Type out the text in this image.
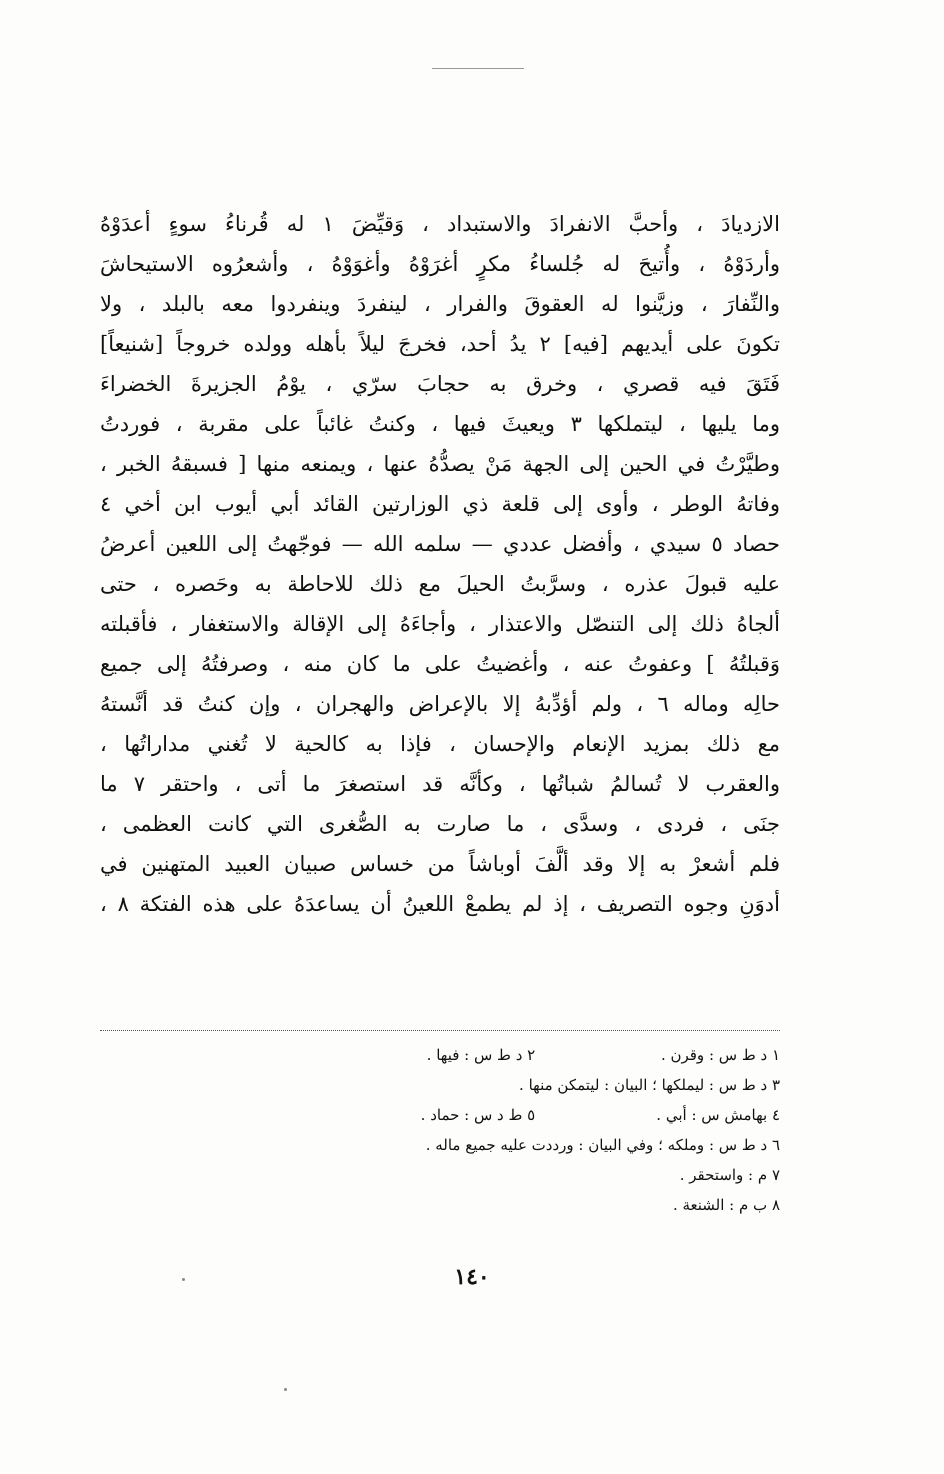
الازديادَ ، وأحبَّ الانفرادَ والاستبداد ، وَقيِّضَ ١ له قُرناءُ سوءٍ أعدَوْهُ
وأردَوْهُ ، وأُتيحَ له جُلساءُ مكرٍ أغرَوْهُ وأغوَوْهُ ، وأشعرُوه الاستيحاشَ
والنِّفارَ ، وزيَّنوا له العقوقَ والفرار ، لينفردَ وينفردوا معه بالبلد ، ولا
تكونَ على أيديهم [فيه] ٢ يدُ أحد، فخرجَ ليلاً بأهله وولده خروجاً [شنيعاً]
فَتَقَ فيه قصري ، وخرق به حجابَ سرّي ، يوْمُ الجزيرةَ الخضراءَ
وما يليها ، ليتملكها ٣ ويعيثَ فيها ، وكنتُ غائباً على مقربة ، فوردتُ
وطيَّرْتُ في الحين إلى الجهة مَنْ يصدُّهُ عنها ، ويمنعه منها [ فسبقهُ الخبر ،
وفاتهُ الوطر ، وأوى إلى قلعة ذي الوزارتين القائد أبي أيوب ابن أخي ٤
حصاد ٥ سيدي ، وأفضل عددي — سلمه الله — فوجّهتُ إلى اللعين أعرضُ
عليه قبولَ عذره ، وسرَّبتُ الحيلَ مع ذلك للاحاطة به وحَصره ، حتى
ألجاهُ ذلك إلى التنصّل والاعتذار ، وأجاءَهُ إلى الإقالة والاستغفار ، فأقبلته
وَقبلتُهُ ] وعفوتُ عنه ، وأغضيتُ على ما كان منه ، وصرفتُهُ إلى جميع
حالِه وماله ٦ ، ولم أؤدِّبهُ إلا بالإعراض والهجران ، وإن كنتُ قد أنَّستهُ
مع ذلك بمزيد الإنعام والإحسان ، فإذا به كالحية لا تُغني مداراتُها ،
والعقرب لا تُسالمُ شباتُها ، وكأنَّه قد استصغرَ ما أتى ، واحتقر ٧ ما
جنَى ، فردى ، وسدَّى ، ما صارت به الصُّغرى التي كانت العظمى ،
فلم أشعرْ به إلا وقد ألَّفَ أوباشاً من خساس صبيان العبيد المتهنين في
أدوَنِ وجوه التصريف ، إذ لم يطمعْ اللعينُ أن يساعدَهُ على هذه الفتكة ٨ ،
١ د ط س : وقرن . ٢ د ط س : فيها .
٣ د ط س : ليملكها ؛ البيان : ليتمكن منها .
٤ بهامش س : أبي . ٥ ط د س : حماد .
٦ د ط س : وملكه ؛ وفي البيان : ورددت عليه جميع ماله .
٧ م : واستحقر .
٨ ب م : الشنعة .
١٤٠
